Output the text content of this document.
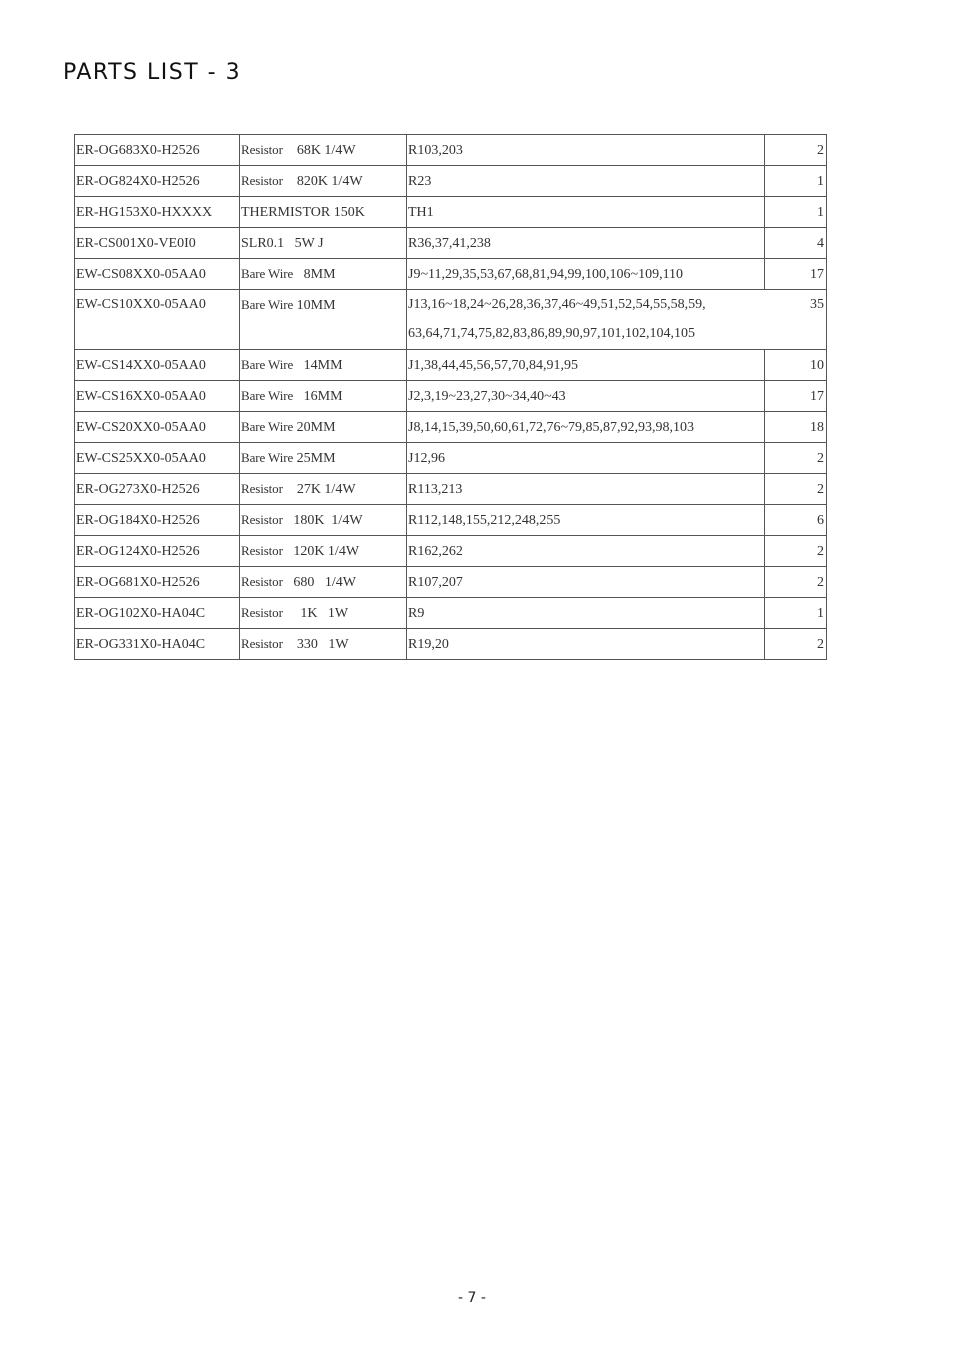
PARTS LIST - 3
ER-OG683X0-H2526	Resistor    68K 1/4W	R103,203	2
ER-OG824X0-H2526	Resistor    820K 1/4W	R23	1
ER-HG153X0-HXXXX	THERMISTOR 150K	TH1	1
ER-CS001X0-VE0I0	SLR0.1   5W J	R36,37,41,238	4
EW-CS08XX0-05AA0	Bare Wire   8MM	J9~11,29,35,53,67,68,81,94,99,100,106~109,110	17
EW-CS10XX0-05AA0	Bare Wire 10MM	J13,16~18,24~26,28,36,37,46~49,51,52,54,55,58,59,
63,64,71,74,75,82,83,86,89,90,97,101,102,104,105	35
EW-CS14XX0-05AA0	Bare Wire   14MM	J1,38,44,45,56,57,70,84,91,95	10
EW-CS16XX0-05AA0	Bare Wire   16MM	J2,3,19~23,27,30~34,40~43	17
EW-CS20XX0-05AA0	Bare Wire 20MM	J8,14,15,39,50,60,61,72,76~79,85,87,92,93,98,103	18
EW-CS25XX0-05AA0	Bare Wire 25MM	J12,96	2
ER-OG273X0-H2526	Resistor    27K 1/4W	R113,213	2
ER-OG184X0-H2526	Resistor   180K  1/4W	R112,148,155,212,248,255	6
ER-OG124X0-H2526	Resistor   120K 1/4W	R162,262	2
ER-OG681X0-H2526	Resistor   680   1/4W	R107,207	2
ER-OG102X0-HA04C	Resistor     1K   1W	R9	1
ER-OG331X0-HA04C	Resistor    330   1W	R19,20	2
- 7 -
